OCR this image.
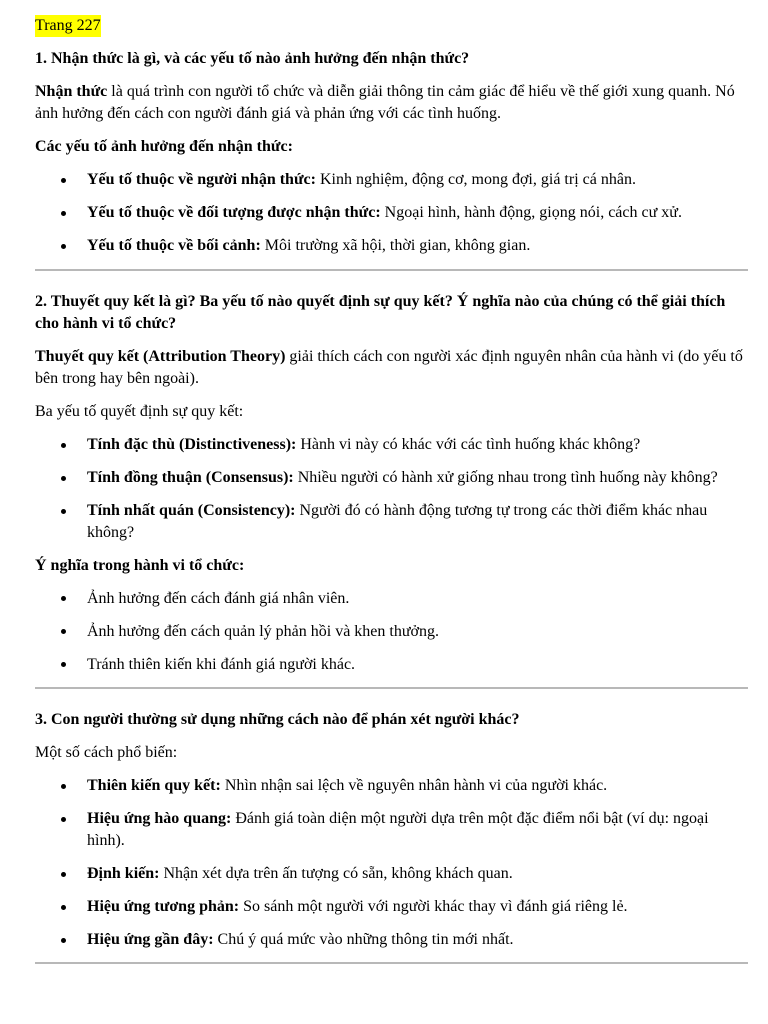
Trang 227
1. Nhận thức là gì, và các yếu tố nào ảnh hưởng đến nhận thức?

Nhận thức là quá trình con người tổ chức và diễn giải thông tin cảm giác để hiểu về thế giới xung quanh. Nó ảnh hưởng đến cách con người đánh giá và phản ứng với các tình huống.

Các yếu tố ảnh hưởng đến nhận thức:
Yếu tố thuộc về người nhận thức: Kinh nghiệm, động cơ, mong đợi, giá trị cá nhân.
Yếu tố thuộc về đối tượng được nhận thức: Ngoại hình, hành động, giọng nói, cách cư xử.
Yếu tố thuộc về bối cảnh: Môi trường xã hội, thời gian, không gian.
2. Thuyết quy kết là gì? Ba yếu tố nào quyết định sự quy kết? Ý nghĩa nào của chúng có thể giải thích cho hành vi tổ chức?

Thuyết quy kết (Attribution Theory) giải thích cách con người xác định nguyên nhân của hành vi (do yếu tố bên trong hay bên ngoài).

Ba yếu tố quyết định sự quy kết:

Tính đặc thù (Distinctiveness): Hành vi này có khác với các tình huống khác không?
Tính đồng thuận (Consensus): Nhiều người có hành xử giống nhau trong tình huống này không?
Tính nhất quán (Consistency): Người đó có hành động tương tự trong các thời điểm khác nhau không?
Ý nghĩa trong hành vi tổ chức:
Ảnh hưởng đến cách đánh giá nhân viên.
Ảnh hưởng đến cách quản lý phản hồi và khen thưởng.
Tránh thiên kiến khi đánh giá người khác.
3. Con người thường sử dụng những cách nào để phán xét người khác?

Một số cách phổ biến:

Thiên kiến quy kết: Nhìn nhận sai lệch về nguyên nhân hành vi của người khác.
Hiệu ứng hào quang: Đánh giá toàn diện một người dựa trên một đặc điểm nổi bật (ví dụ: ngoại hình).
Định kiến: Nhận xét dựa trên ấn tượng có sẵn, không khách quan.
Hiệu ứng tương phản: So sánh một người với người khác thay vì đánh giá riêng lẻ.
Hiệu ứng gần đây: Chú ý quá mức vào những thông tin mới nhất.
